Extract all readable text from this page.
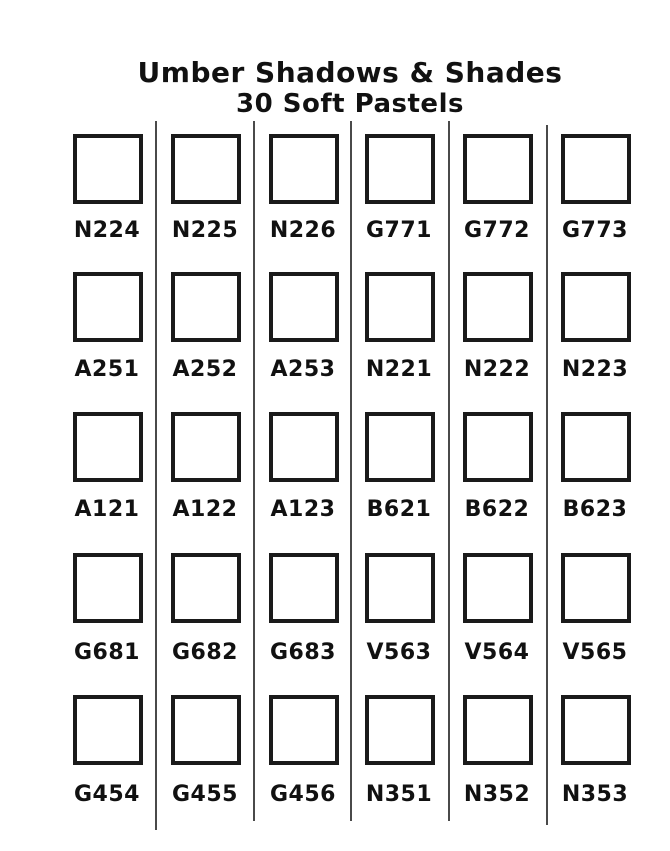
Umber Shadows & Shades
30 Soft Pastels
N224	N225	N226	G771	G772	G773
A251	A252	A253	N221	N222	N223
A121	A122	A123	B621	B622	B623
G681	G682	G683	V563	V564	V565
G454	G455	G456	N351	N352	N353
